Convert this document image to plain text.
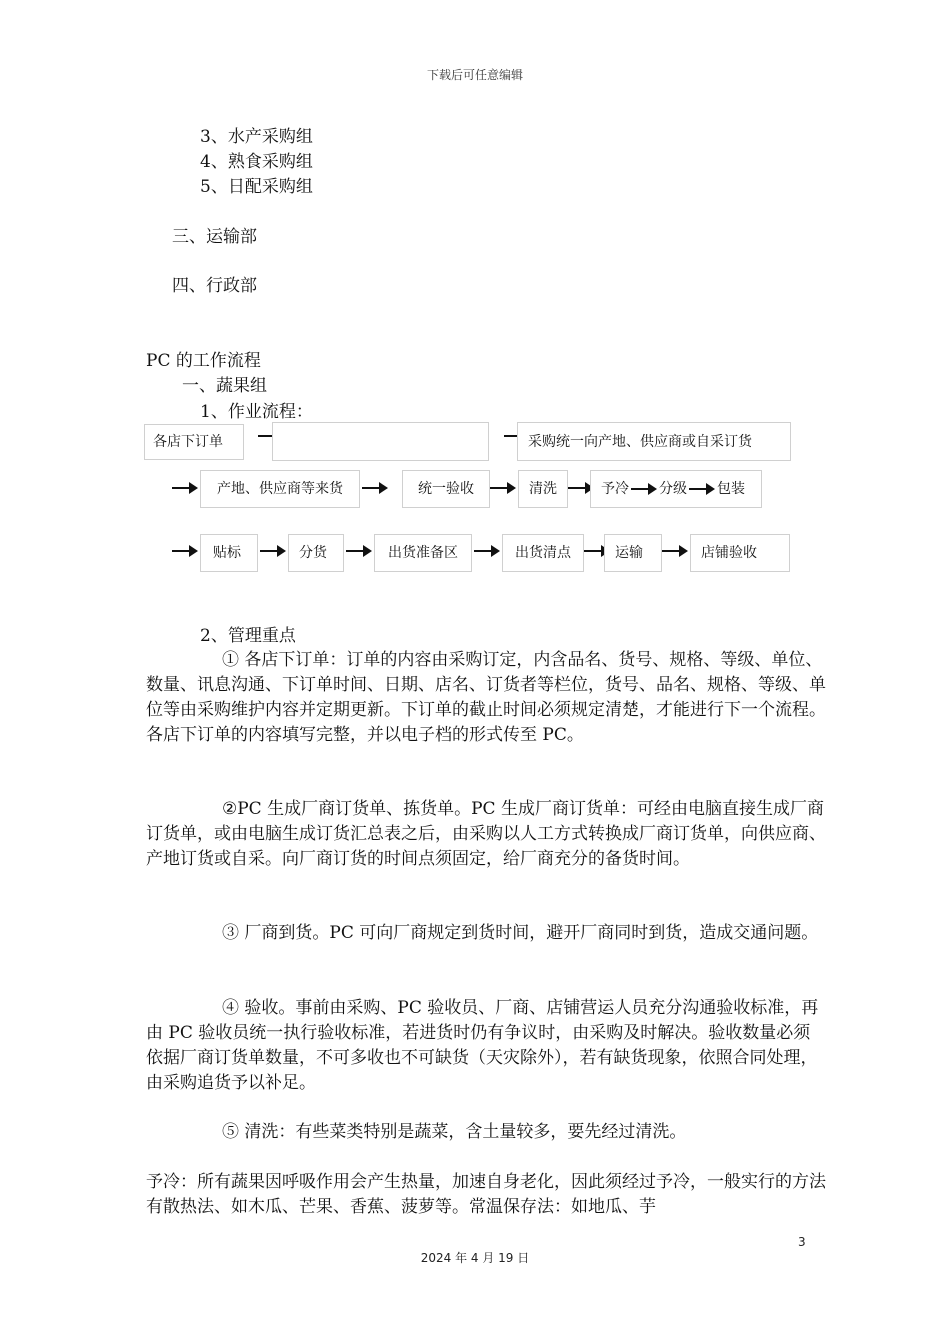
下载后可任意编辑
3、水产采购组
4、熟食采购组
5、日配采购组
三、运输部
四、行政部
PC 的工作流程
一、蔬果组
1、作业流程：
各店下订单	采购统一向产地、供应商或自采订货
产地、供应商等来货	统一验收	清洗	予冷 分级 包装
贴标	分货	出货准备区	出货清点	运输	店铺验收
2、管理重点
① 各店下订单：订单的内容由采购订定，内含品名、货号、规格、等级、单位、数量、讯息沟通、下订单时间、日期、店名、订货者等栏位，货号、品名、规格、等级、单位等由采购维护内容并定期更新。下订单的截止时间必须规定清楚，才能进行下一个流程。各店下订单的内容填写完整，并以电子档的形式传至 PC。
②PC 生成厂商订货单、拣货单。PC 生成厂商订货单：可经由电脑直接生成厂商订货单，或由电脑生成订货汇总表之后，由采购以人工方式转换成厂商订货单，向供应商、产地订货或自采。向厂商订货的时间点须固定，给厂商充分的备货时间。
③ 厂商到货。PC 可向厂商规定到货时间，避开厂商同时到货，造成交通问题。
④ 验收。事前由采购、PC 验收员、厂商、店铺营运人员充分沟通验收标准，再由 PC 验收员统一执行验收标准，若进货时仍有争议时，由采购及时解决。验收数量必须依据厂商订货单数量，不可多收也不可缺货（天灾除外），若有缺货现象，依照合同处理，由采购追货予以补足。
⑤ 清洗：有些菜类特别是蔬菜，含土量较多，要先经过清洗。
予冷：所有蔬果因呼吸作用会产生热量，加速自身老化，因此须经过予冷，一般实行的方法有散热法、如木瓜、芒果、香蕉、菠萝等。常温保存法：如地瓜、芋
3
2024 年 4 月 19 日
